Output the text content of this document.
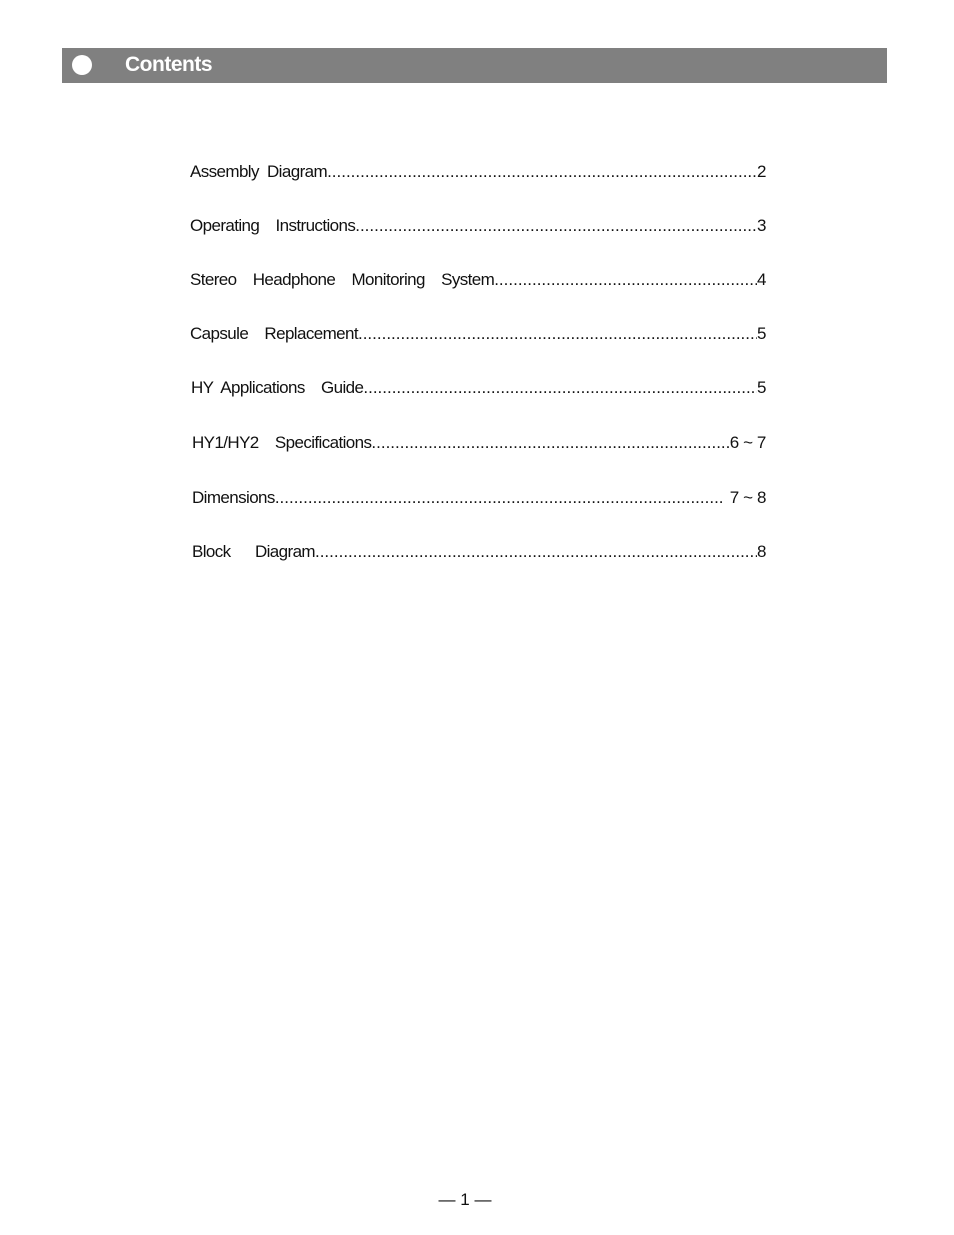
Contents
Assembly Diagram .....	2
Operating  Instructions .....	3
Stereo  Headphone  Monitoring  System .....	4
Capsule  Replacement .....	5
HY Applications  Guide .....	5
HY1/HY2  Specifications .....	6 ~ 7
Dimensions .....	7 ~ 8
Block   Diagram .....	8
— 1 —
